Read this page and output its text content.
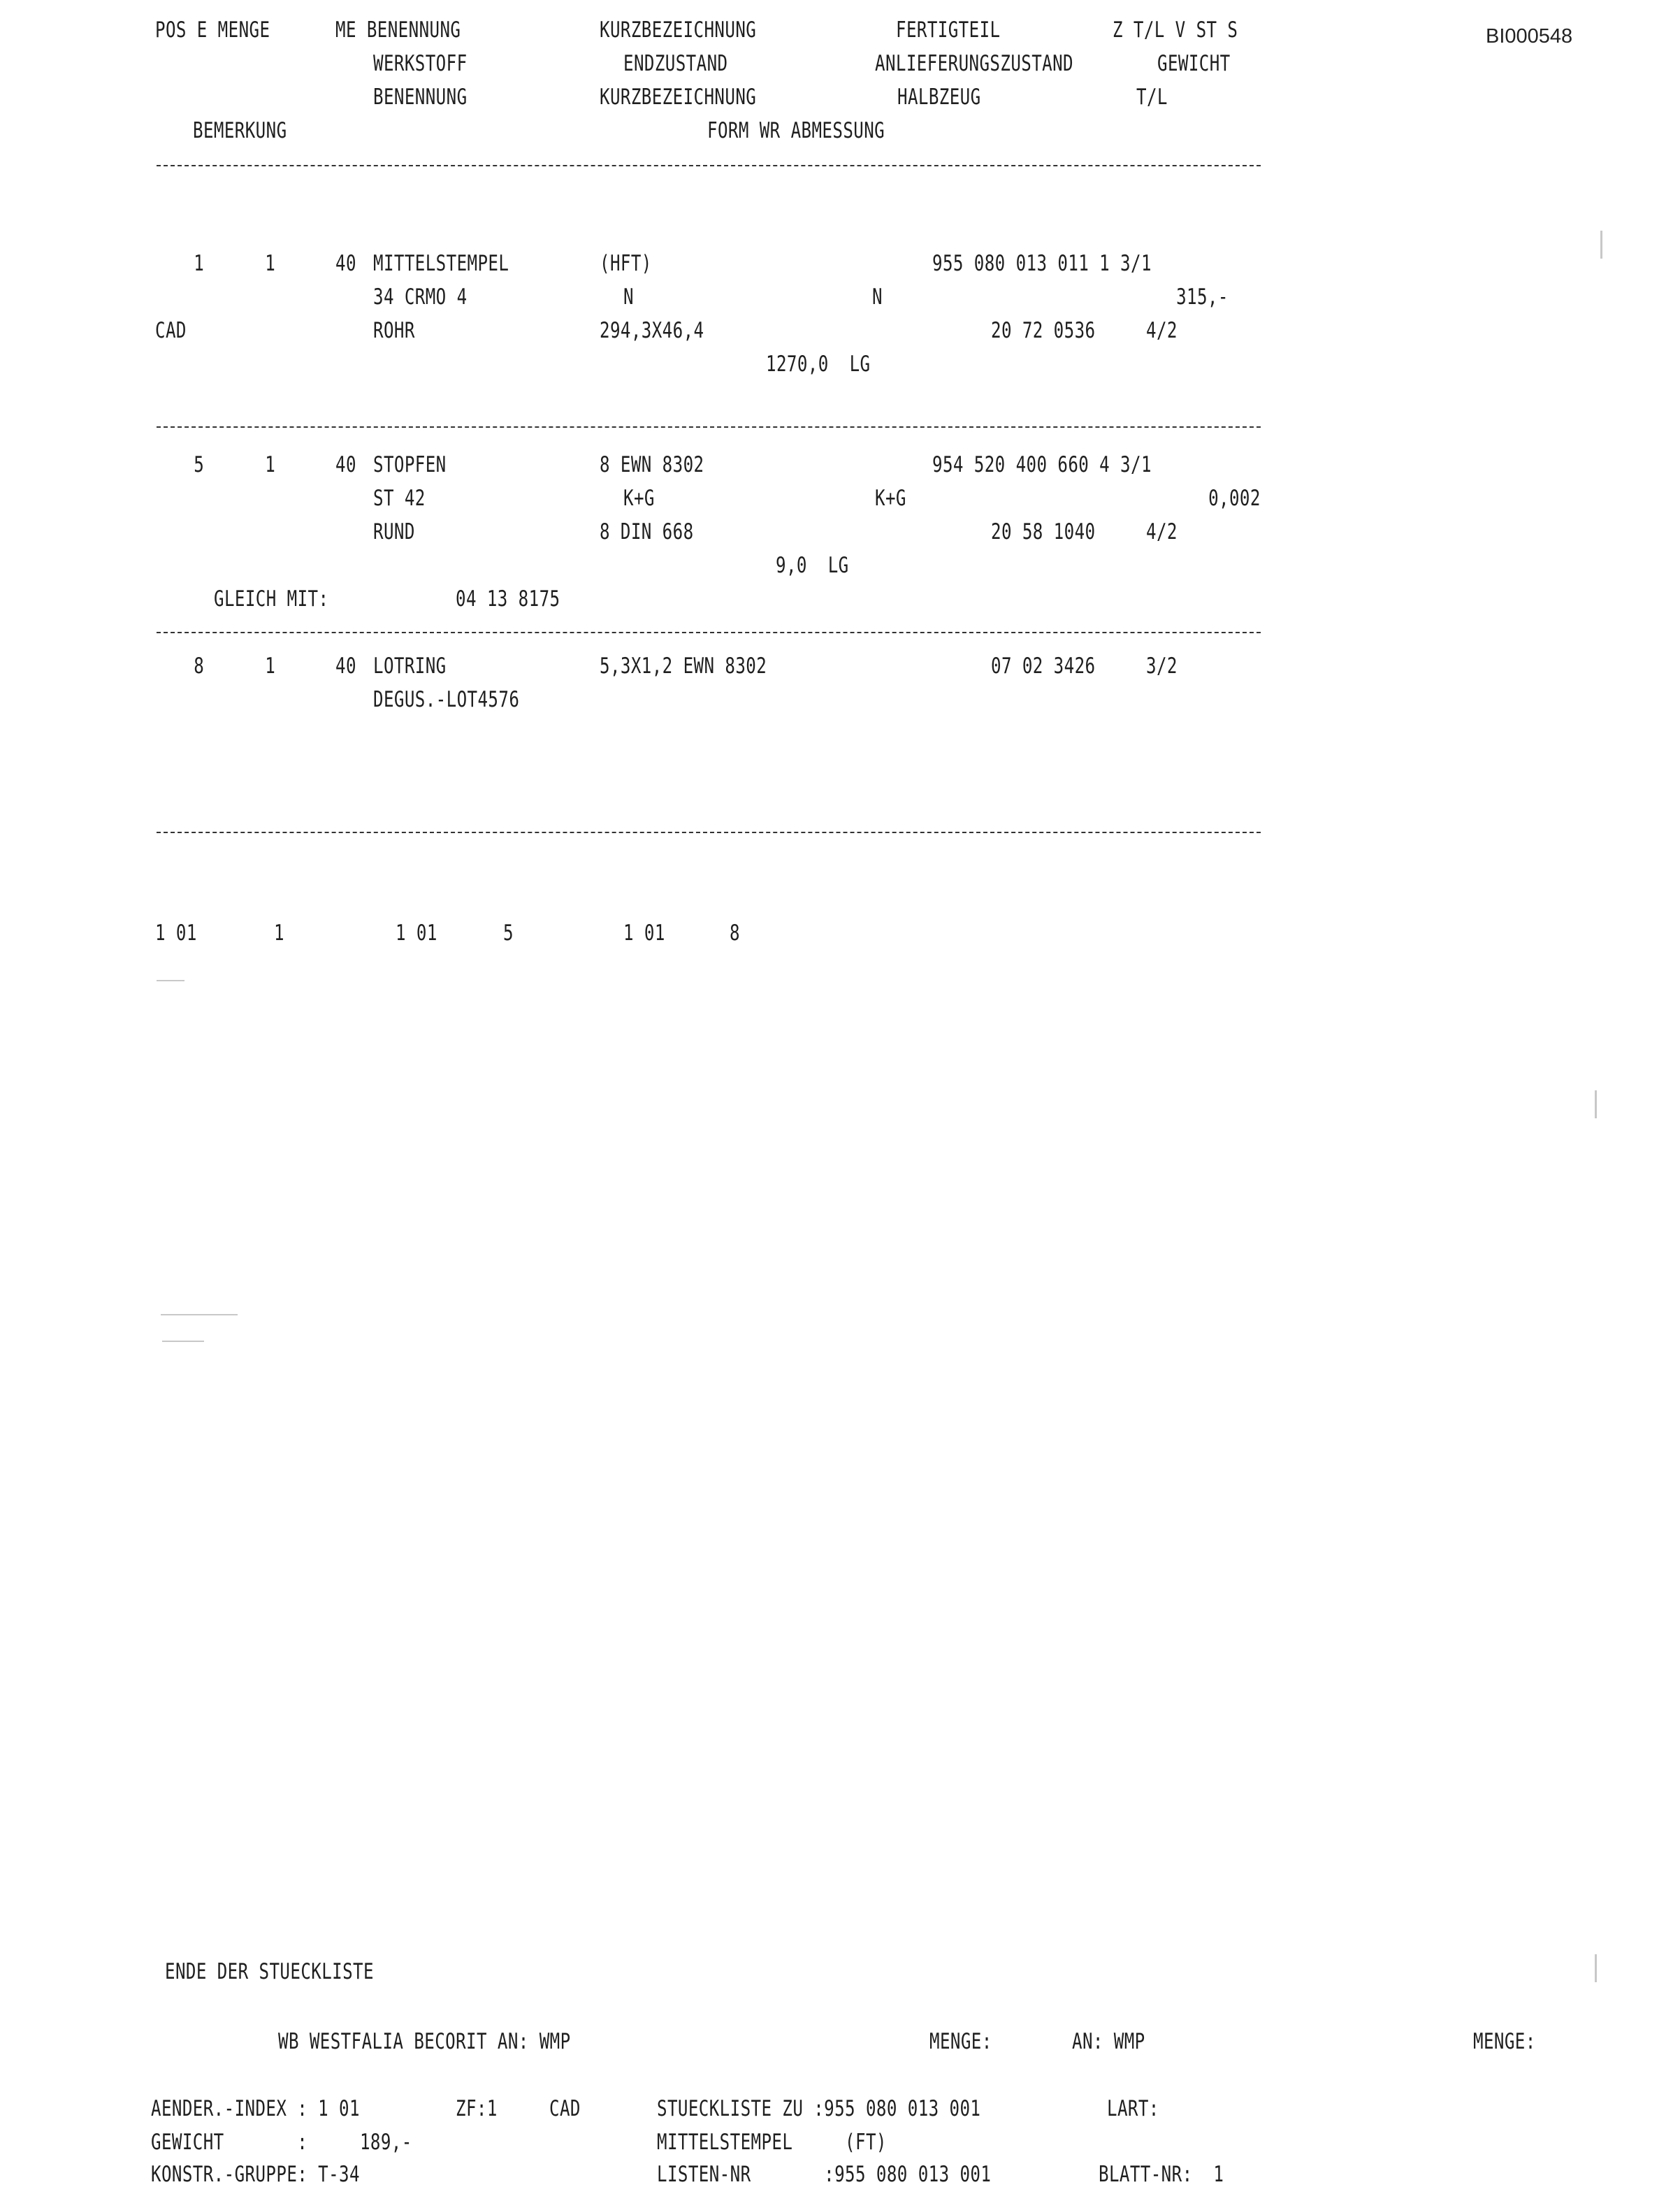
BI000548
POS E MENGE	ME BENENNUNG	KURZBEZEICHNUNG	FERTIGTEIL	Z T/L V ST S
WERKSTOFF	ENDZUSTAND	ANLIEFERUNGSZUSTAND	GEWICHT
BENENNUNG	KURZBEZEICHNUNG	HALBZEUG	T/L
BEMERKUNG	FORM WR ABMESSUNG
1	1	40 MITTELSTEMPEL	(HFT)	955 080 013 011 1 3/1
34 CRMO 4	N	N	315,-
CAD	ROHR	294,3X46,4	20 72 0536 4/2
1270,0  LG
5	1	40 STOPFEN	8 EWN 8302	954 520 400 660 4 3/1
ST 42	K+G	K+G	0,002
RUND	8 DIN 668	20 58 1040 4/2
9,0  LG
GLEICH MIT:	04 13 8175
8	1	40 LOTRING	5,3X1,2 EWN 8302	07 02 3426 3/2
DEGUS.-LOT4576
1 01	1	1 01	5	1 01	8
ENDE DER STUECKLISTE
WB WESTFALIA BECORIT AN: WMP	MENGE:	AN: WMP	MENGE:
AENDER.-INDEX : 1 01	ZF:1 CAD	STUECKLISTE ZU :955 080 013 001	LART:
GEWICHT       :     189,-	MITTELSTEMPEL     (FT)
KONSTR.-GRUPPE: T-34	LISTEN-NR       :955 080 013 001	BLATT-NR:  1
